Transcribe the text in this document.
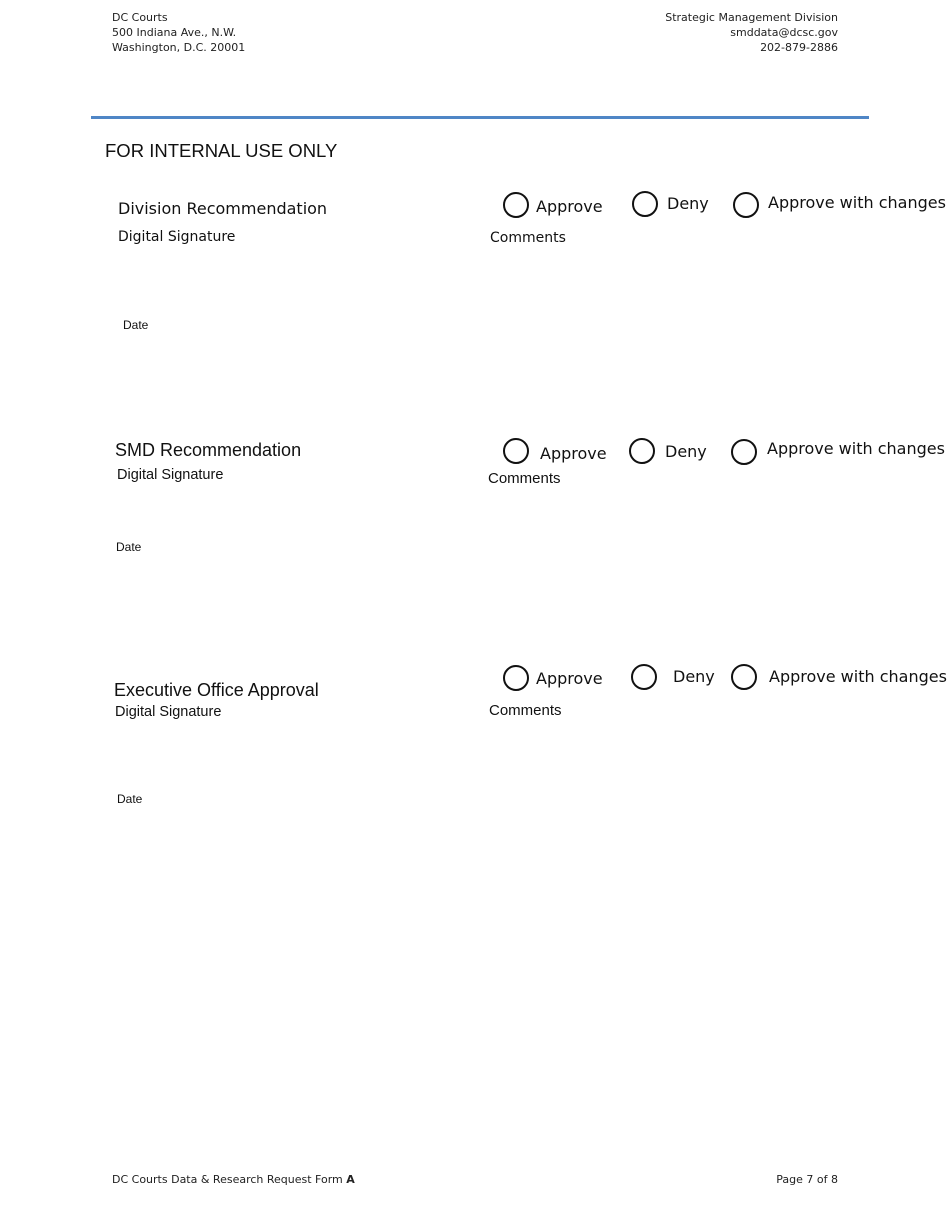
DC Courts
500 Indiana Ave., N.W.
Washington, D.C. 20001
Strategic Management Division
smddata@dcsc.gov
202-879-2886
FOR INTERNAL USE ONLY
Division Recommendation
Digital Signature
Date
Comments
Approve	Deny	Approve with changes
SMD Recommendation
Digital Signature
Date
Comments
Approve	Deny	Approve with changes
Executive Office Approval
Digital Signature
Date
Comments
Approve	Deny	Approve with changes
DC Courts Data & Research Request Form A	Page 7 of 8
